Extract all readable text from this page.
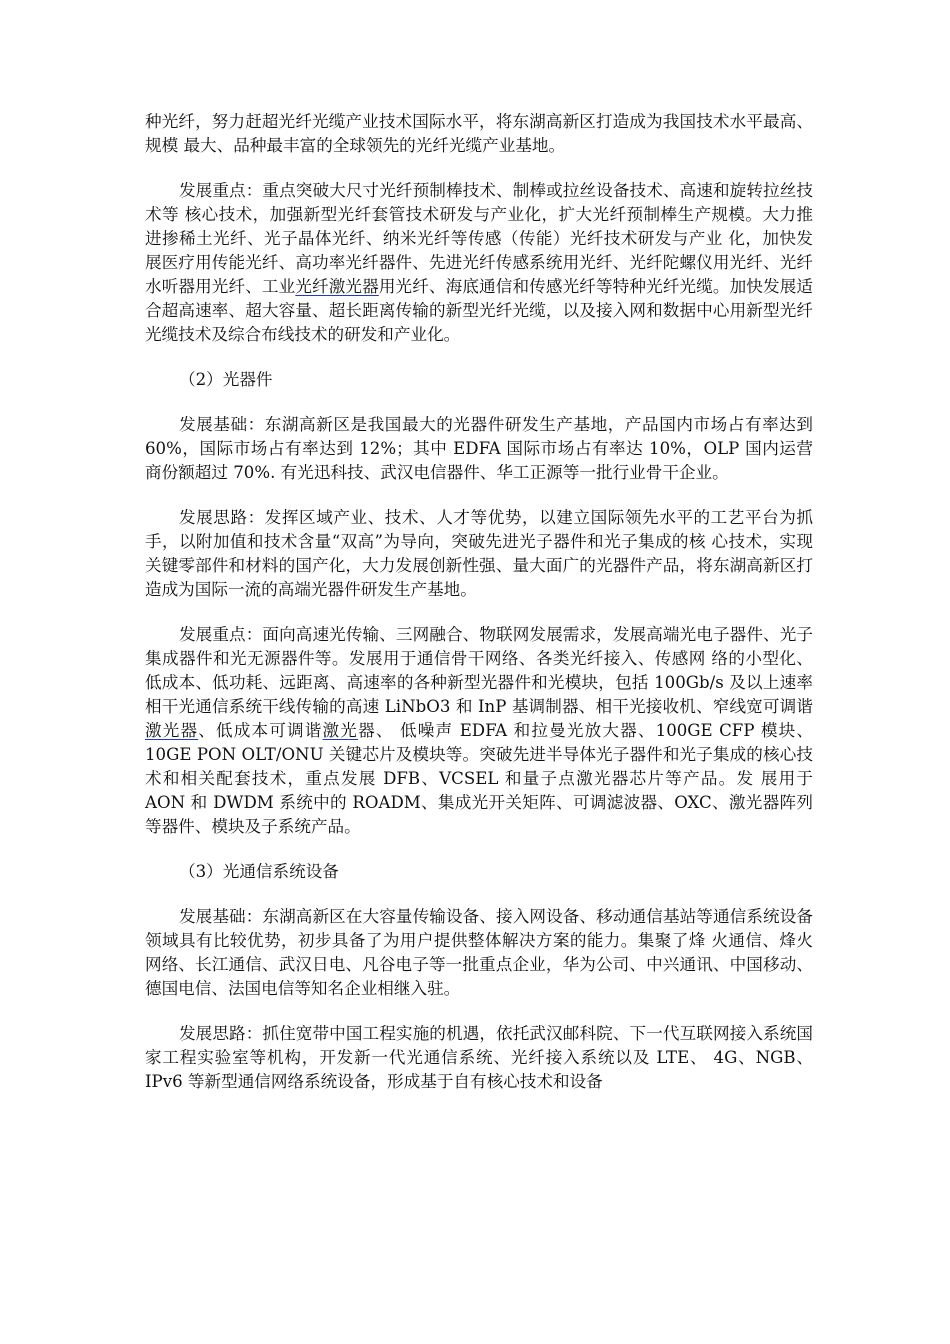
种光纤，努力赶超光纤光缆产业技术国际水平，将东湖高新区打造成为我国技术水平最高、规模 最大、品种最丰富的全球领先的光纤光缆产业基地。

发展重点：重点突破大尺寸光纤预制棒技术、制棒或拉丝设备技术、高速和旋转拉丝技术等 核心技术，加强新型光纤套管技术研发与产业化，扩大光纤预制棒生产规模。大力推进掺稀土光纤、光子晶体光纤、纳米光纤等传感（传能）光纤技术研发与产业 化，加快发展医疗用传能光纤、高功率光纤器件、先进光纤传感系统用光纤、光纤陀螺仪用光纤、光纤水听器用光纤、工业光纤激光器用光纤、海底通信和传感光纤等特种光纤光缆。加快发展适合超高速率、超大容量、超长距离传输的新型光纤光缆，以及接入网和数据中心用新型光纤光缆技术及综合布线技术的研发和产业化。

（2）光器件

发展基础：东湖高新区是我国最大的光器件研发生产基地，产品国内市场占有率达到 60%，国际市场占有率达到 12%；其中 EDFA 国际市场占有率达 10%，OLP 国内运营商份额超过 70%. 有光迅科技、武汉电信器件、华工正源等一批行业骨干企业。

发展思路：发挥区域产业、技术、人才等优势，以建立国际领先水平的工艺平台为抓手，以附加值和技术含量“双高”为导向，突破先进光子器件和光子集成的核 心技术，实现关键零部件和材料的国产化，大力发展创新性强、量大面广的光器件产品，将东湖高新区打造成为国际一流的高端光器件研发生产基地。

发展重点：面向高速光传输、三网融合、物联网发展需求，发展高端光电子器件、光子集成器件和光无源器件等。发展用于通信骨干网络、各类光纤接入、传感网 络的小型化、低成本、低功耗、远距离、高速率的各种新型光器件和光模块，包括 100Gb/s 及以上速率相干光通信系统干线传输的高速 LiNbO3 和 InP 基调制器、相干光接收机、窄线宽可调谐激光器、低成本可调谐激光器、 低噪声 EDFA 和拉曼光放大器、100GE CFP 模块、10GE PON OLT/ONU 关键芯片及模块等。突破先进半导体光子器件和光子集成的核心技术和相关配套技术，重点发展 DFB、VCSEL 和量子点激光器芯片等产品。发 展用于 AON 和 DWDM 系统中的 ROADM、集成光开关矩阵、可调滤波器、OXC、激光器阵列等器件、模块及子系统产品。

（3）光通信系统设备

发展基础：东湖高新区在大容量传输设备、接入网设备、移动通信基站等通信系统设备领域具有比较优势，初步具备了为用户提供整体解决方案的能力。集聚了烽 火通信、烽火网络、长江通信、武汉日电、凡谷电子等一批重点企业，华为公司、中兴通讯、中国移动、德国电信、法国电信等知名企业相继入驻。

发展思路：抓住宽带中国工程实施的机遇，依托武汉邮科院、下一代互联网接入系统国家工程实验室等机构，开发新一代光通信系统、光纤接入系统以及 LTE、 4G、NGB、IPv6 等新型通信网络系统设备，形成基于自有核心技术和设备
